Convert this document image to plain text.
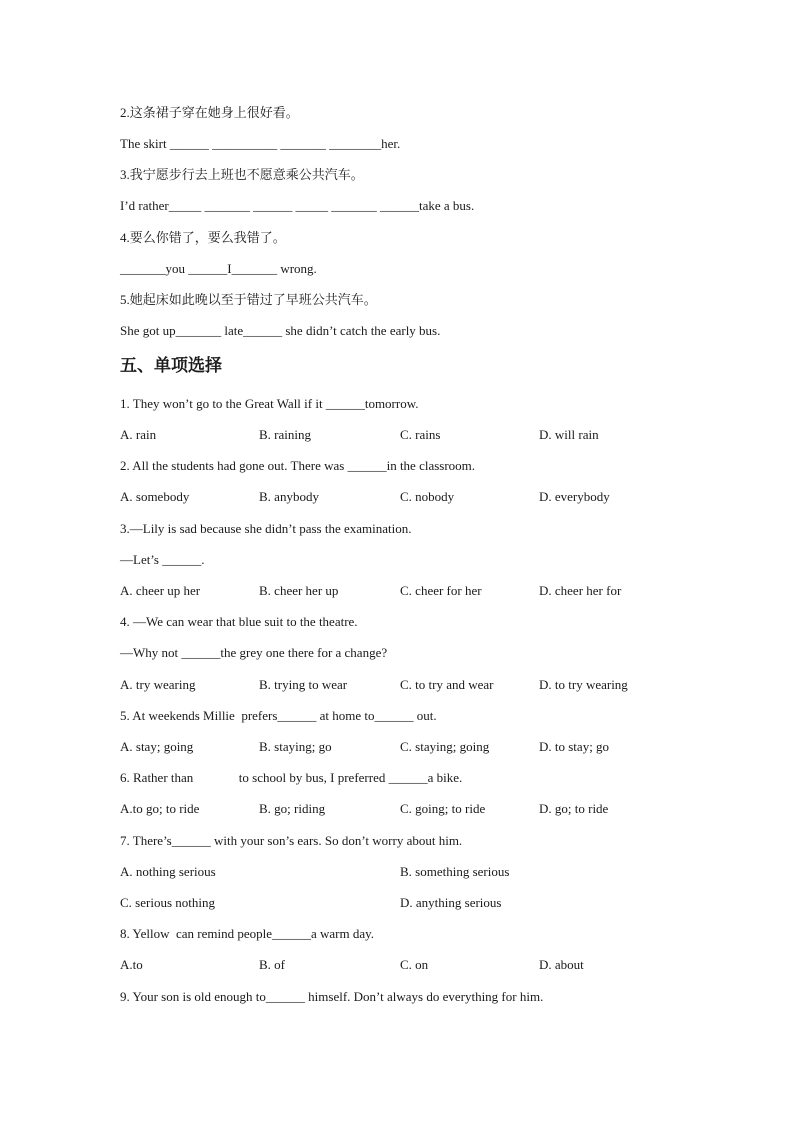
2.这条裙子穿在她身上很好看。
The skirt ______ __________ _______ ________her.
3.我宁愿步行去上班也不愿意乘公共汽车。
I’d rather_____ _______ ______ _____ _______ ______take a bus.
4.要么你错了，要么我错了。
_______you ______I_______ wrong.
5.她起床如此晚以至于错过了早班公共汽车。
She got up_______ late______ she didn’t catch the early bus.
五、单项选择
1. They won’t go to the Great Wall if it ______tomorrow.
A. rain	B. raining	C. rains	D. will rain
2. All the students had gone out. There was ______in the classroom.
A. somebody	B. anybody	C. nobody	D. everybody
3.—Lily is sad because she didn’t pass the examination.
—Let’s ______.
A. cheer up her	B. cheer her up	C. cheer for her	D. cheer her for
4. —We can wear that blue suit to the theatre.
—Why not ______the grey one there for a change?
A. try wearing	B. trying to wear	C. to try and wear	D. to try wearing
5. At weekends Millie  prefers______ at home to______ out.
A. stay; going	B. staying; go	C. staying; going	D. to stay; go
6. Rather than              to school by bus, I preferred ______a bike.
A.to go; to ride	B. go; riding	C. going; to ride	D. go; to ride
7. There’s______ with your son’s ears. So don’t worry about him.
A. nothing serious	B. something serious
C. serious nothing	D. anything serious
8. Yellow  can remind people______a warm day.
A.to	B. of	C. on	D. about
9. Your son is old enough to______ himself. Don’t always do everything for him.
